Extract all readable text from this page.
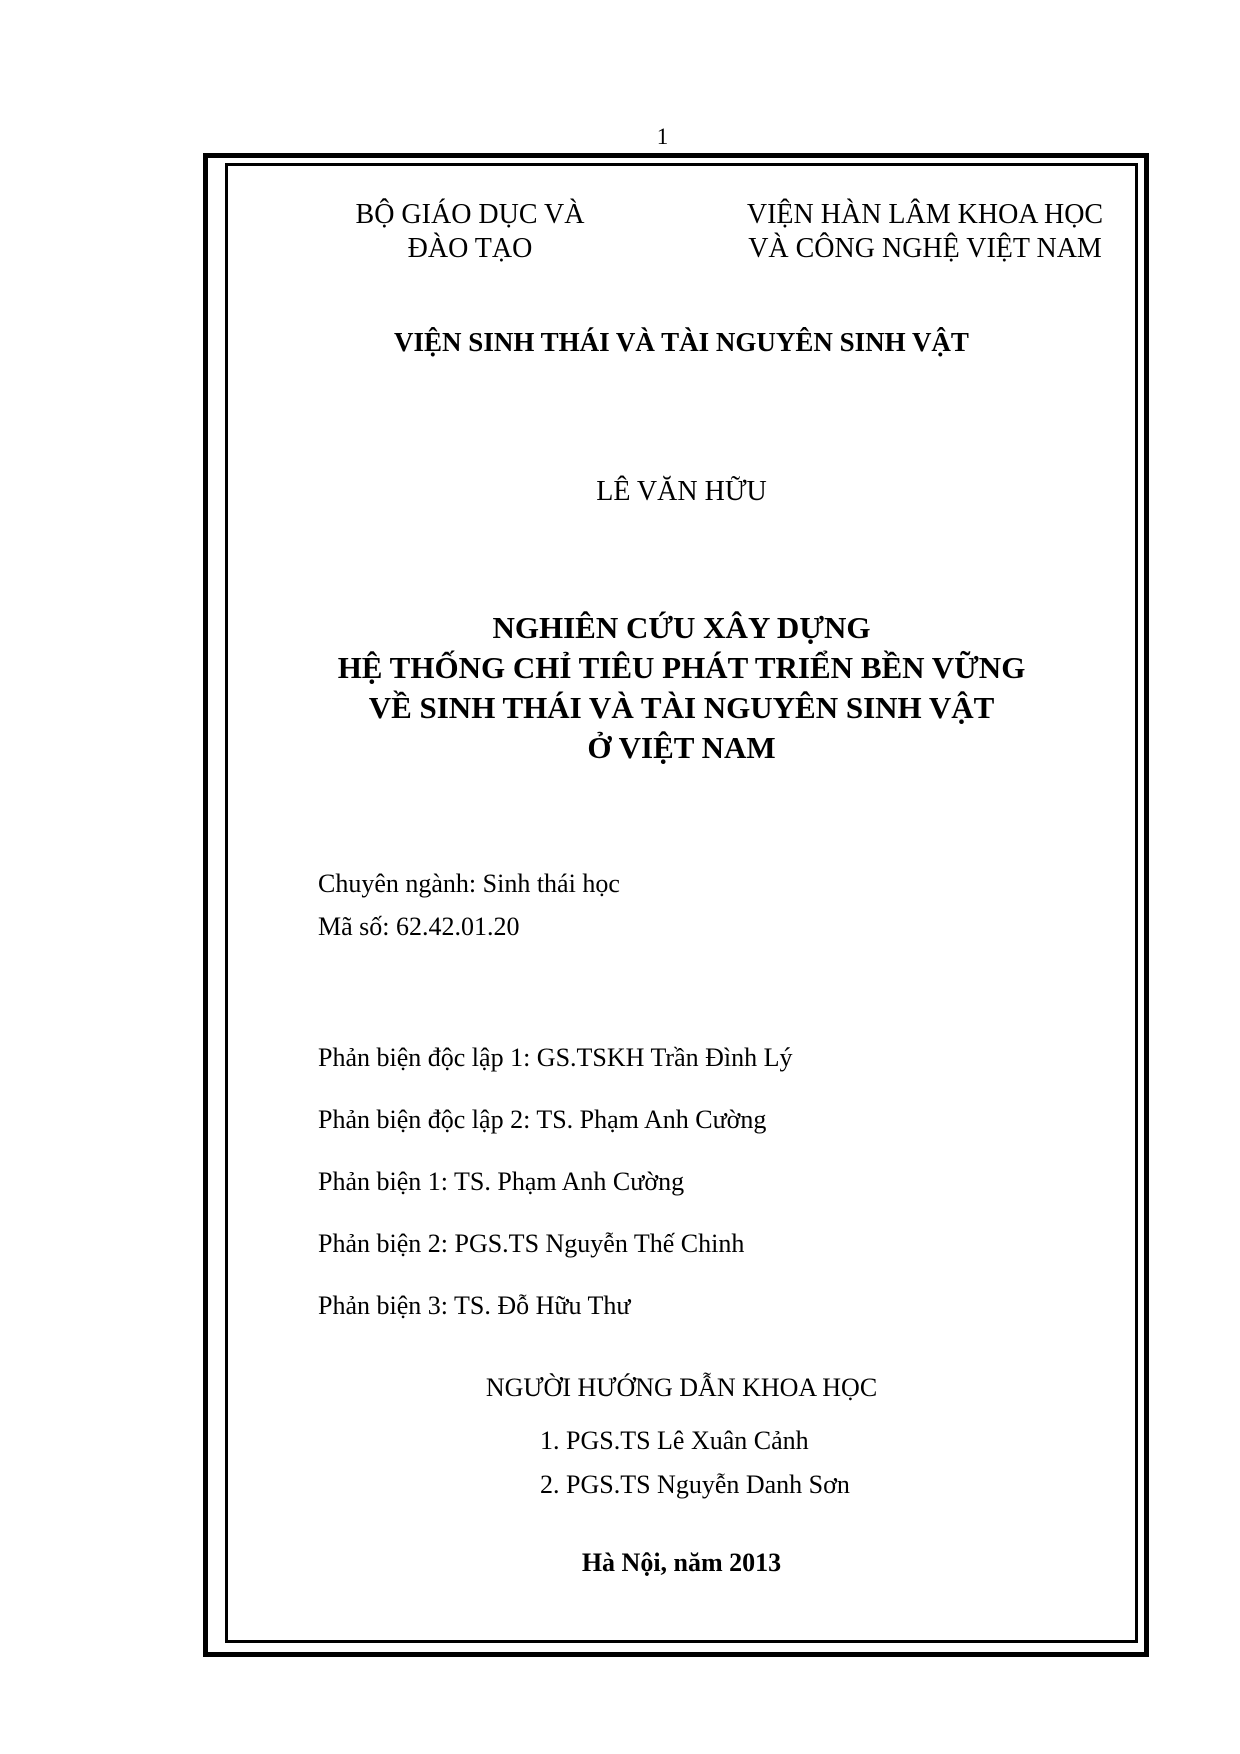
1
BỘ GIÁO DỤC VÀ
ĐÀO TẠO
VIỆN HÀN LÂM KHOA HỌC
VÀ CÔNG NGHỆ VIỆT NAM
VIỆN SINH THÁI VÀ TÀI NGUYÊN SINH VẬT
LÊ VĂN HỮU
NGHIÊN CỨU XÂY DỰNG
HỆ THỐNG CHỈ TIÊU PHÁT TRIỂN BỀN VỮNG
VỀ SINH THÁI VÀ TÀI NGUYÊN SINH VẬT
Ở VIỆT NAM
Chuyên ngành: Sinh thái học
Mã số: 62.42.01.20
Phản biện độc lập 1: GS.TSKH Trần Đình Lý
Phản biện độc lập 2: TS. Phạm Anh Cường
Phản biện 1: TS. Phạm Anh Cường
Phản biện 2: PGS.TS Nguyễn Thế Chinh
Phản biện 3: TS. Đỗ Hữu Thư
NGƯỜI HƯỚNG DẪN KHOA HỌC
1. PGS.TS Lê Xuân Cảnh
2. PGS.TS Nguyễn Danh Sơn
Hà Nội, năm 2013
